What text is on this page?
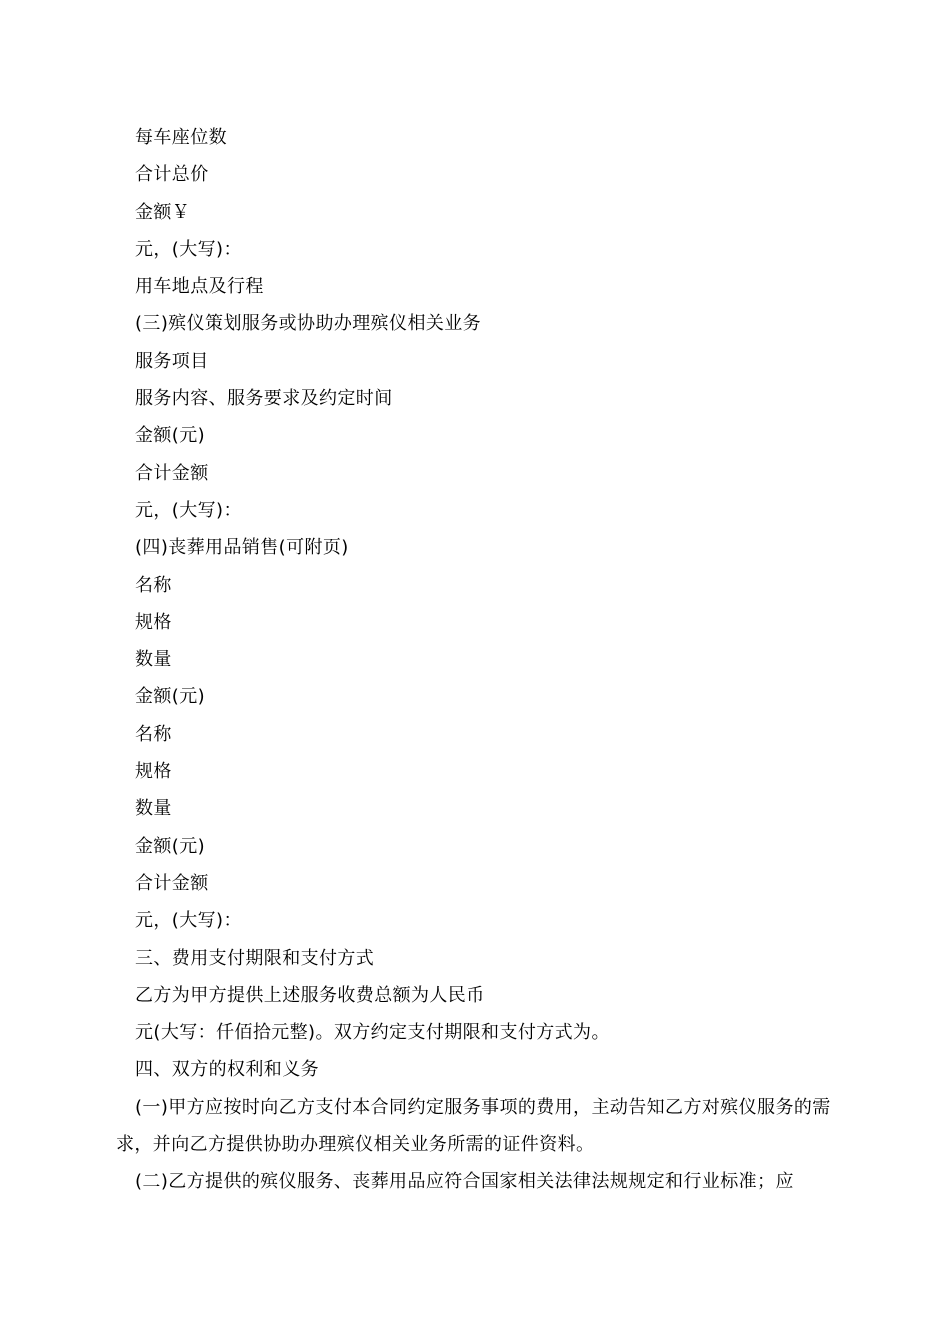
每车座位数
合计总价
金额￥
元，(大写)：
用车地点及行程
(三)殡仪策划服务或协助办理殡仪相关业务
服务项目
服务内容、服务要求及约定时间
金额(元)
合计金额
元，(大写)：
(四)丧葬用品销售(可附页)
名称
规格
数量
金额(元)
名称
规格
数量
金额(元)
合计金额
元，(大写)：
三、费用支付期限和支付方式
乙方为甲方提供上述服务收费总额为人民币
元(大写：仟佰拾元整)。双方约定支付期限和支付方式为。
四、双方的权利和义务
(一)甲方应按时向乙方支付本合同约定服务事项的费用，主动告知乙方对殡仪服务的需求，并向乙方提供协助办理殡仪相关业务所需的证件资料。
(二)乙方提供的殡仪服务、丧葬用品应符合国家相关法律法规规定和行业标准；应
